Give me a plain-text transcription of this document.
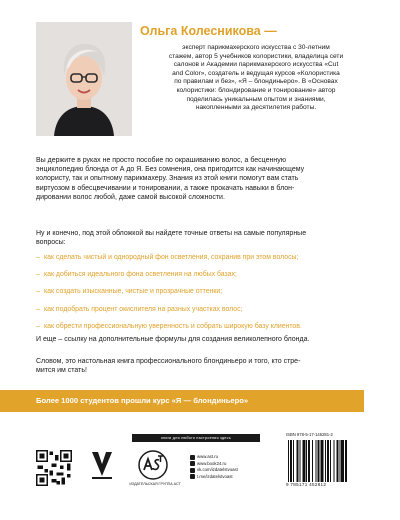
Ольга Колесникова —
эксперт парикмахерского искусства с 30-летним
стажем, автор 5 учебников колористики, владелица сети
салонов и Академии парикмахерского искусства «Cut
and Color», создатель и ведущая курсов «Колористика
по правилам и без», «Я – блондиньеро». В «Основах
колористики: блондирование и тонирование» автор
поделилась уникальным опытом и знаниями,
накопленными за десятилетия работы.
Вы держите в руках не просто пособие по окрашиванию волос, а бесценную
энциклопедию блонда от А до Я. Без сомнения, она пригодится как начинающему
колористу, так и опытному парикмахеру. Знания из этой книги помогут вам стать
виртуозом в обесцвечивании и тонировании, а также прокачать навыки в блон-
дировании волос любой, даже самой высокой сложности.
Ну и конечно, под этой обложкой вы найдете точные ответы на самые популярные
вопросы:
– как сделать чистый и однородный фон осветления, сохранив при этом волосы;
– как добиться идеального фона осветления на любых базах;
– как создать изысканные, чистые и прозрачные оттенки;
– как подобрать процент окислителя на разных участках волос;
– как обрести профессиональную уверенность и собрать широкую базу клиентов.
И еще – ссылку на дополнительные формулы для создания великолепного блонда.
Словом, это настольная книга профессионального блондиньеро и того, кто стре-
мится им стать!
Более 1000 студентов прошли курс «Я — блондиньеро»
книги для любого настроения здесь
ИЗДАТЕЛЬСКАЯ ГРУППА АСТ
www.ast.ru
www.book24.ru
vk.com/izdatelstvoast
t.me/izdatelstvoast
ISBN 978-5-17-145281-2
9 785171 452812
